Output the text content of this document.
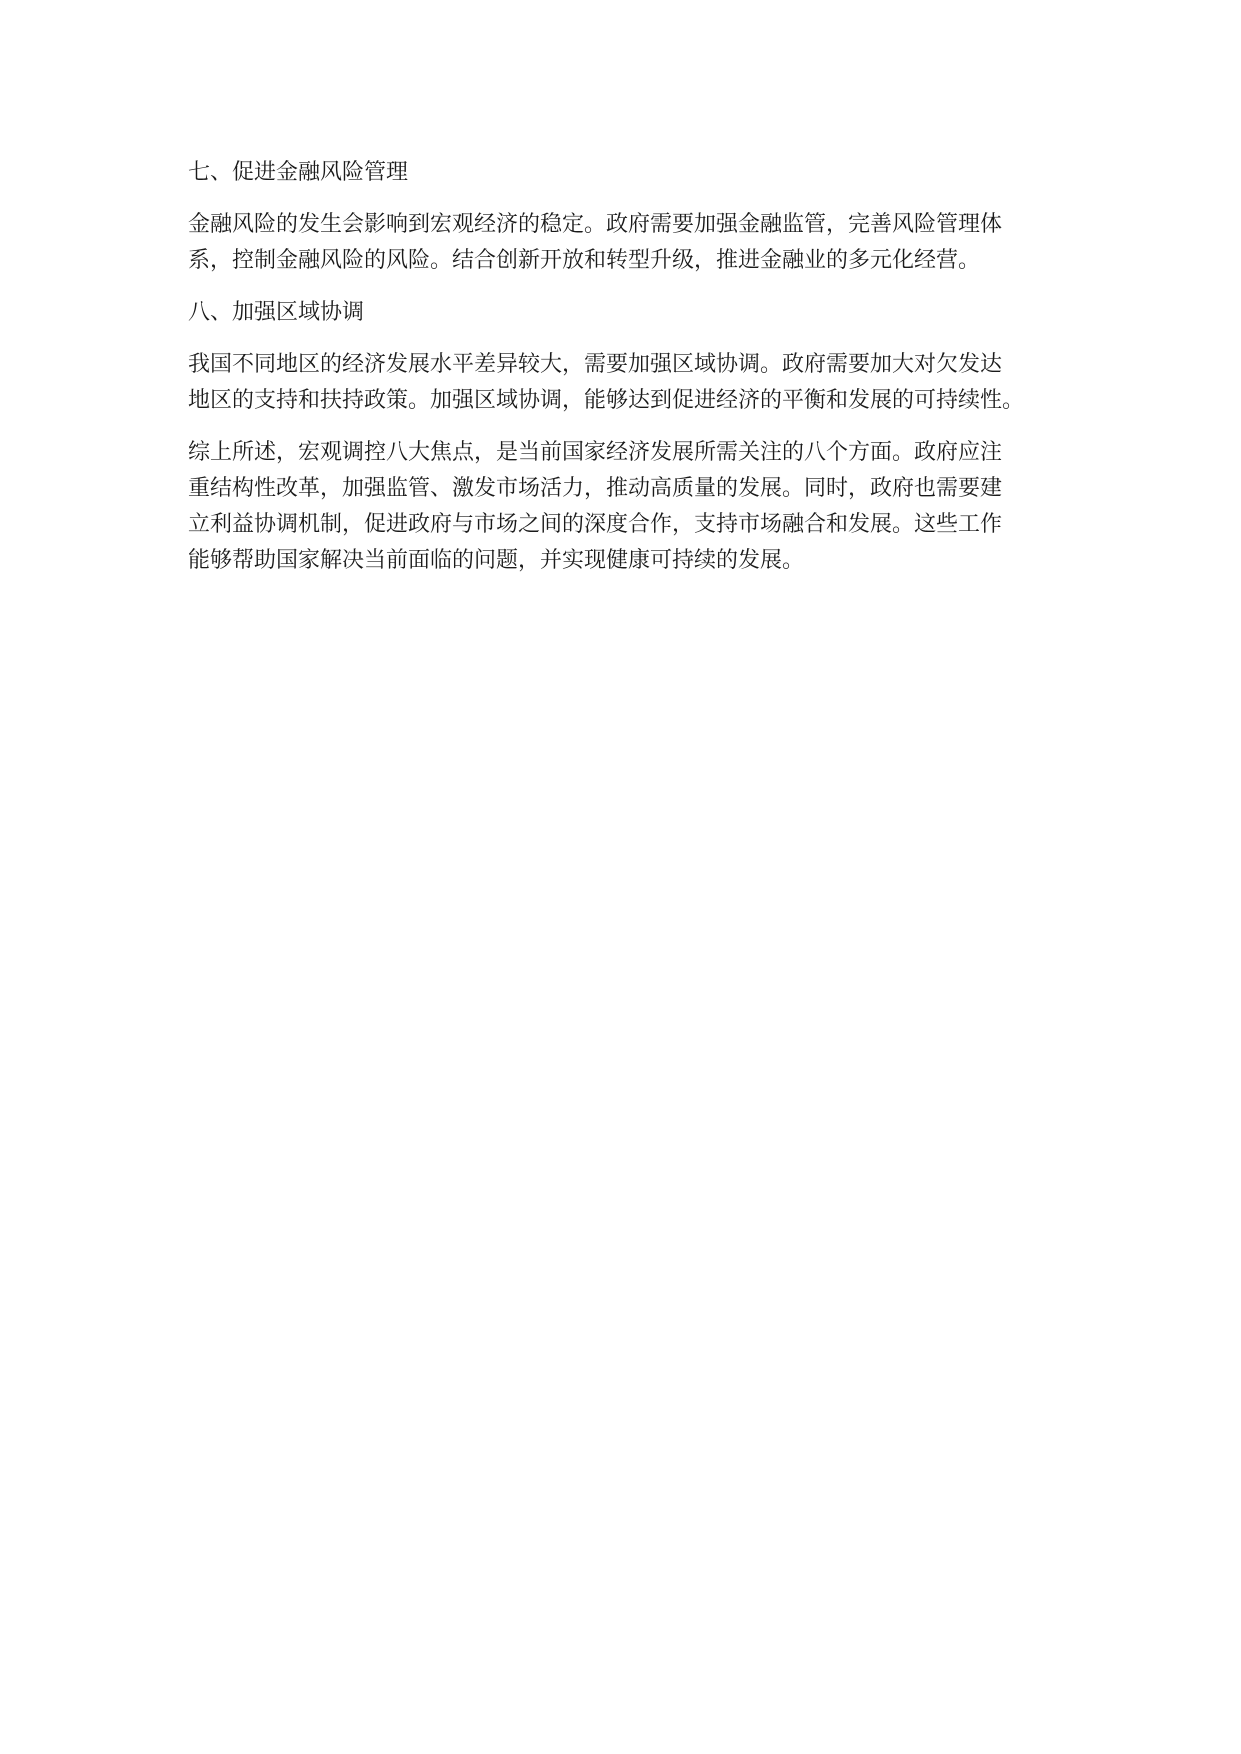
七、促进金融风险管理
金融风险的发生会影响到宏观经济的稳定。政府需要加强金融监管，完善风险管理体
系，控制金融风险的风险。结合创新开放和转型升级，推进金融业的多元化经营。
八、加强区域协调
我国不同地区的经济发展水平差异较大，需要加强区域协调。政府需要加大对欠发达
地区的支持和扶持政策。加强区域协调，能够达到促进经济的平衡和发展的可持续性。
综上所述，宏观调控八大焦点，是当前国家经济发展所需关注的八个方面。政府应注
重结构性改革，加强监管、激发市场活力，推动高质量的发展。同时，政府也需要建
立利益协调机制，促进政府与市场之间的深度合作，支持市场融合和发展。这些工作
能够帮助国家解决当前面临的问题，并实现健康可持续的发展。
